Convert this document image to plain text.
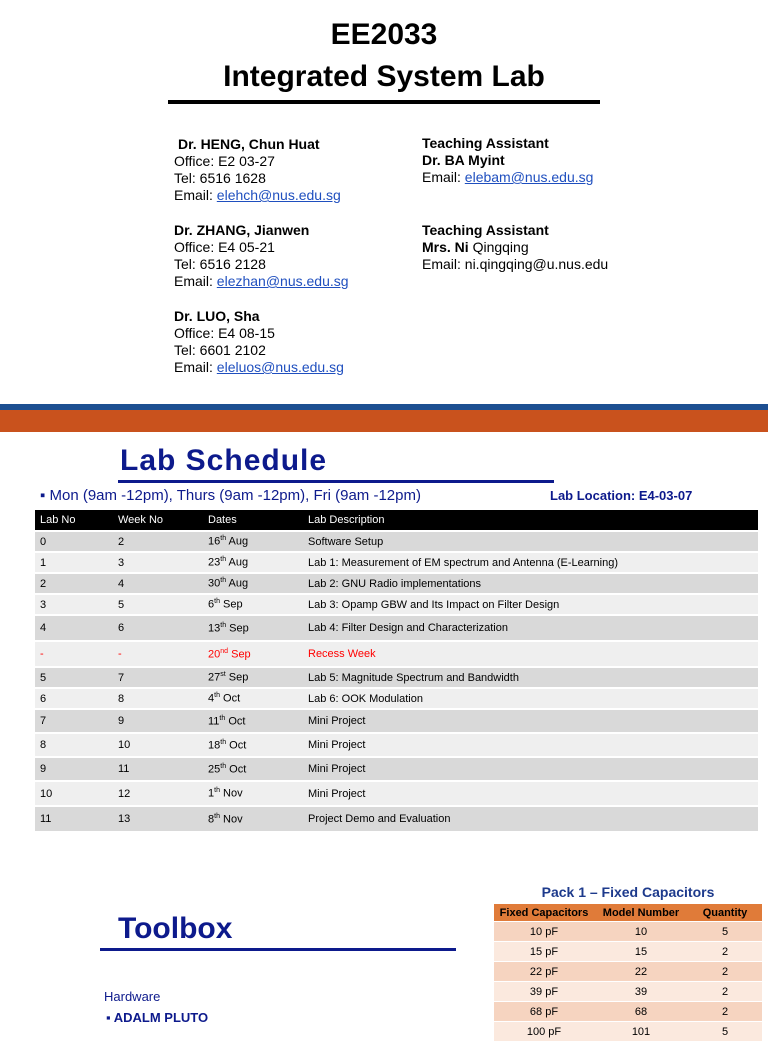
EE2033
Integrated System Lab
Dr. HENG, Chun Huat
Office: E2 03-27
Tel: 6516 1628
Email: elehch@nus.edu.sg
Dr. ZHANG, Jianwen
Office: E4 05-21
Tel: 6516 2128
Email: elezhan@nus.edu.sg
Dr. LUO, Sha
Office: E4 08-15
Tel: 6601 2102
Email: eleluos@nus.edu.sg
Teaching Assistant
Dr. BA Myint
Email: elebam@nus.edu.sg
Teaching Assistant
Mrs. Ni Qingqing
Email: ni.qingqing@u.nus.edu
Lab Schedule
▪ Mon (9am -12pm), Thurs (9am -12pm), Fri (9am -12pm)	Lab Location: E4-03-07
Lab No	Week No	Dates	Lab Description
0	2	16th Aug	Software Setup
1	3	23th Aug	Lab 1: Measurement of EM spectrum and Antenna (E-Learning)
2	4	30th Aug	Lab 2: GNU Radio implementations
3	5	6th Sep	Lab 3: Opamp GBW and Its Impact on Filter Design
4	6	13th Sep	Lab 4: Filter Design and Characterization
-	-	20nd Sep	Recess Week
5	7	27st Sep	Lab 5: Magnitude Spectrum and Bandwidth
6	8	4th Oct	Lab 6: OOK Modulation
7	9	11th Oct	Mini Project
8	10	18th Oct	Mini Project
9	11	25th Oct	Mini Project
10	12	1th Nov	Mini Project
11	13	8th Nov	Project Demo and Evaluation
Toolbox
Hardware
▪ ADALM PLUTO
Pack 1 – Fixed Capacitors
Fixed Capacitors	Model Number	Quantity
10 pF	10	5
15 pF	15	2
22 pF	22	2
39 pF	39	2
68 pF	68	2
100 pF	101	5
